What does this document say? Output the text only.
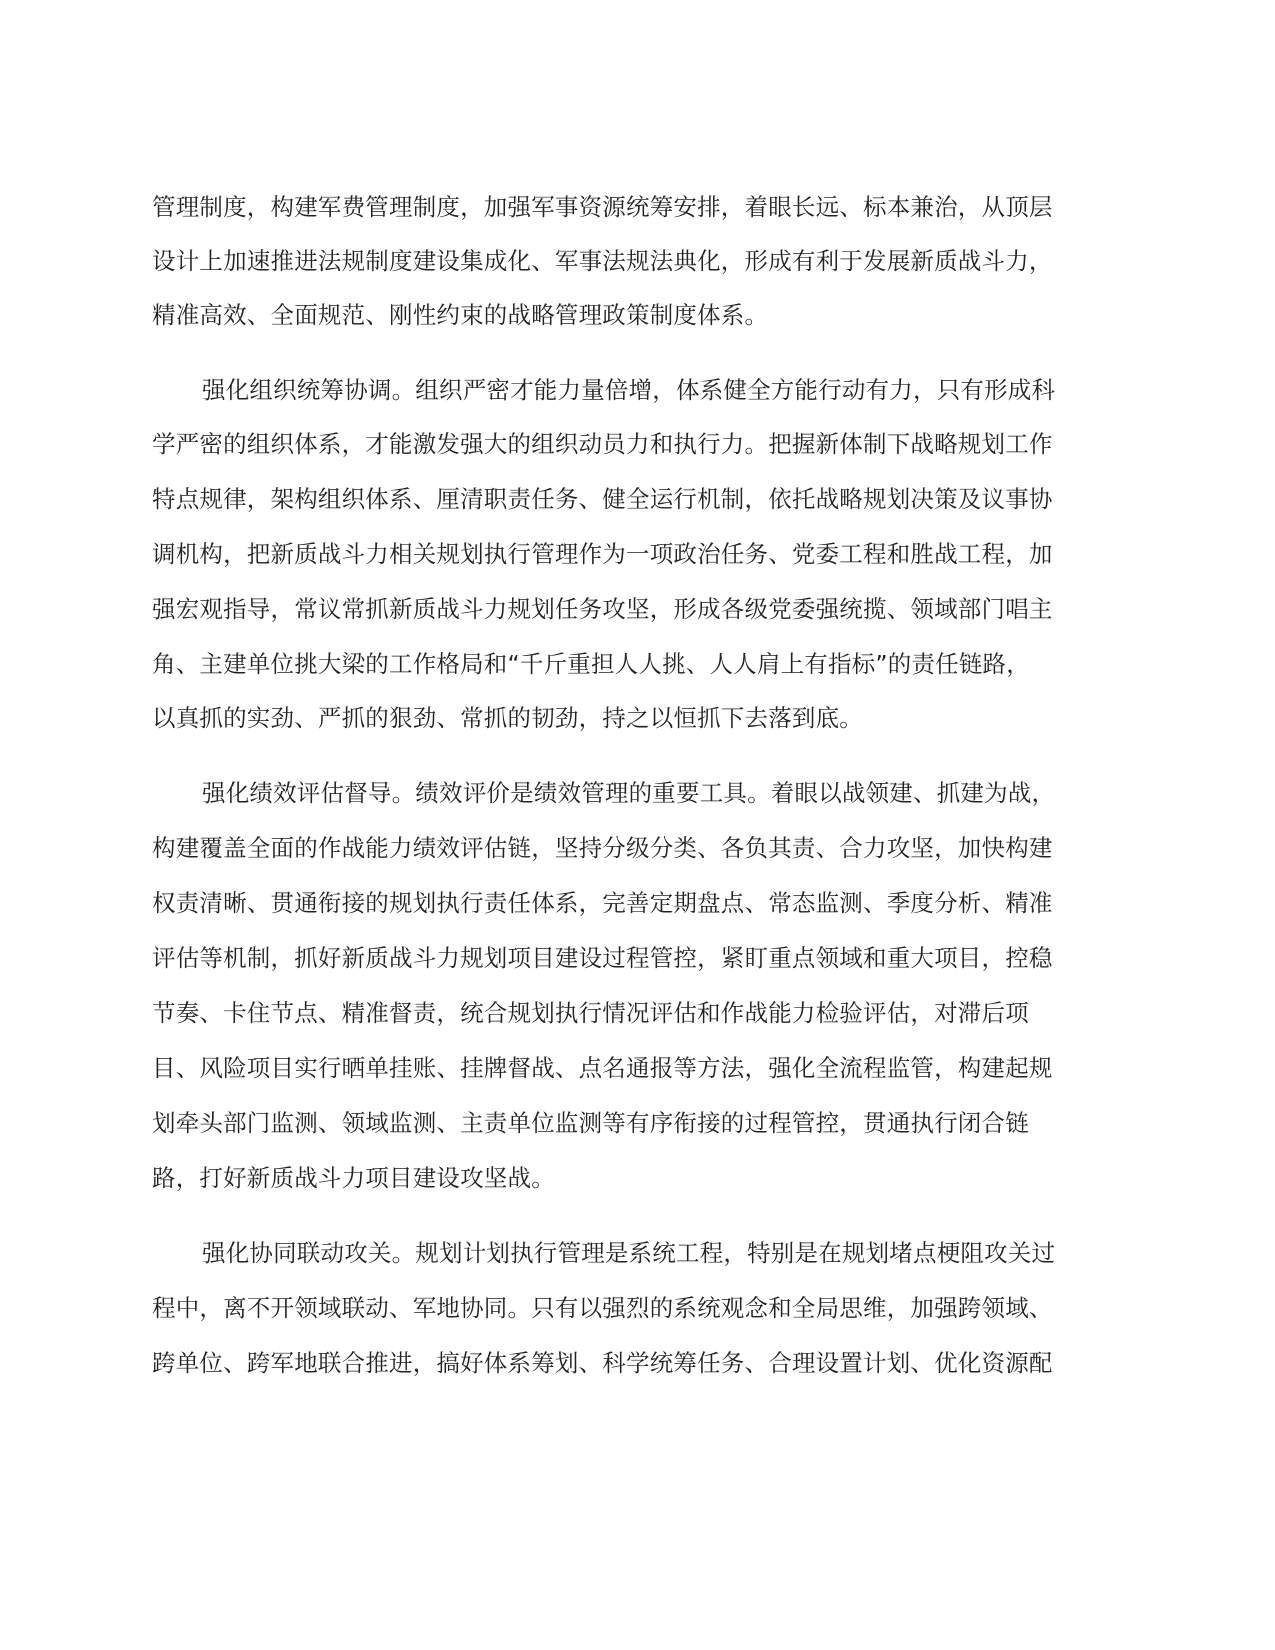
管理制度，构建军费管理制度，加强军事资源统筹安排，着眼长远、标本兼治，从顶层
设计上加速推进法规制度建设集成化、军事法规法典化，形成有利于发展新质战斗力，
精准高效、全面规范、刚性约束的战略管理政策制度体系。
强化组织统筹协调。组织严密才能力量倍增，体系健全方能行动有力，只有形成科
学严密的组织体系，才能激发强大的组织动员力和执行力。把握新体制下战略规划工作
特点规律，架构组织体系、厘清职责任务、健全运行机制，依托战略规划决策及议事协
调机构，把新质战斗力相关规划执行管理作为一项政治任务、党委工程和胜战工程，加
强宏观指导，常议常抓新质战斗力规划任务攻坚，形成各级党委强统揽、领域部门唱主
角、主建单位挑大梁的工作格局和“千斤重担人人挑、人人肩上有指标”的责任链路，
以真抓的实劲、严抓的狠劲、常抓的韧劲，持之以恒抓下去落到底。
强化绩效评估督导。绩效评价是绩效管理的重要工具。着眼以战领建、抓建为战，
构建覆盖全面的作战能力绩效评估链，坚持分级分类、各负其责、合力攻坚，加快构建
权责清晰、贯通衔接的规划执行责任体系，完善定期盘点、常态监测、季度分析、精准
评估等机制，抓好新质战斗力规划项目建设过程管控，紧盯重点领域和重大项目，控稳
节奏、卡住节点、精准督责，统合规划执行情况评估和作战能力检验评估，对滞后项
目、风险项目实行晒单挂账、挂牌督战、点名通报等方法，强化全流程监管，构建起规
划牵头部门监测、领域监测、主责单位监测等有序衔接的过程管控，贯通执行闭合链
路，打好新质战斗力项目建设攻坚战。
强化协同联动攻关。规划计划执行管理是系统工程，特别是在规划堵点梗阻攻关过
程中，离不开领域联动、军地协同。只有以强烈的系统观念和全局思维，加强跨领域、
跨单位、跨军地联合推进，搞好体系筹划、科学统筹任务、合理设置计划、优化资源配
